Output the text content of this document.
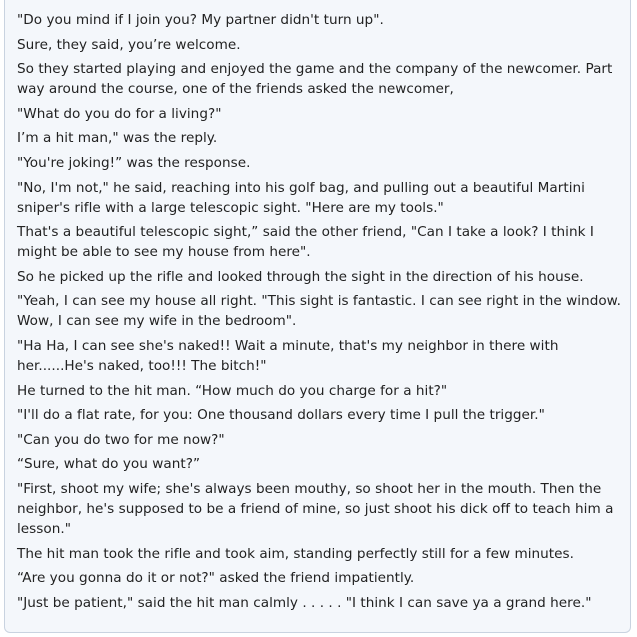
"Do you mind if I join you? My partner didn't turn up".

Sure, they said, you’re welcome.

So they started playing and enjoyed the game and the company of the newcomer. Part way around the course, one of the friends asked the newcomer,

"What do you do for a living?"

I’m a hit man," was the reply.

"You're joking!” was the response.

"No, I'm not," he said, reaching into his golf bag, and pulling out a beautiful Martini sniper's rifle with a large telescopic sight. "Here are my tools."

That's a beautiful telescopic sight,” said the other friend, "Can I take a look? I think I might be able to see my house from here".

So he picked up the rifle and looked through the sight in the direction of his house.

"Yeah, I can see my house all right. "This sight is fantastic. I can see right in the window. Wow, I can see my wife in the bedroom".

"Ha Ha, I can see she's naked!! Wait a minute, that's my neighbor in there with her......He's naked, too!!! The bitch!"

He turned to the hit man. “How much do you charge for a hit?"

"I'll do a flat rate, for you: One thousand dollars every time I pull the trigger."

"Can you do two for me now?"

“Sure, what do you want?”

"First, shoot my wife; she's always been mouthy, so shoot her in the mouth. Then the neighbor, he's supposed to be a friend of mine, so just shoot his dick off to teach him a lesson."

The hit man took the rifle and took aim, standing perfectly still for a few minutes.

“Are you gonna do it or not?" asked the friend impatiently.

"Just be patient," said the hit man calmly . . . . . "I think I can save ya a grand here."
